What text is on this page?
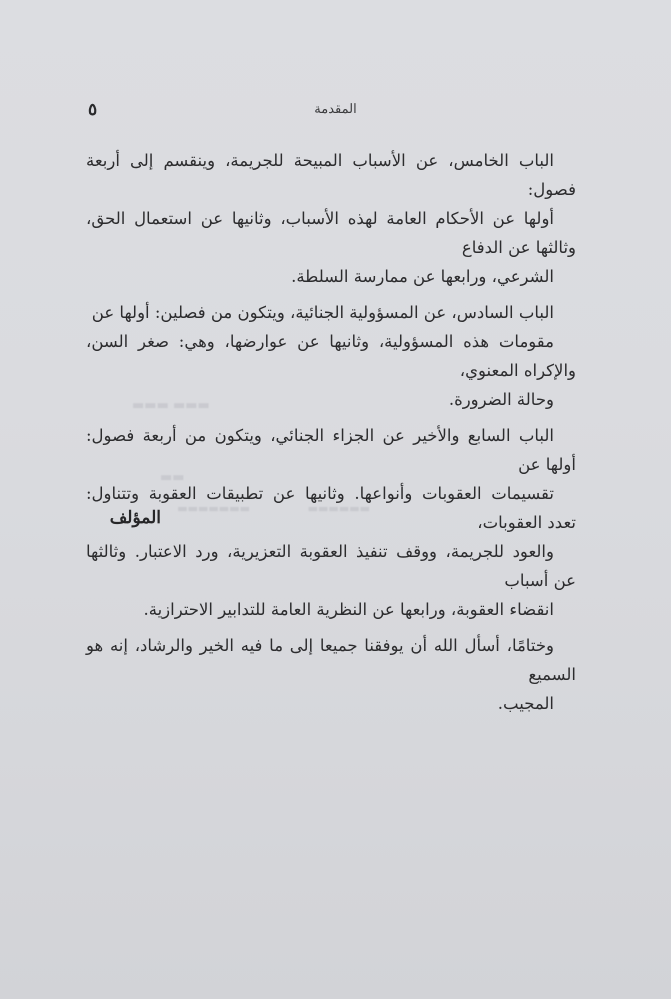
▬▬▬ ▬▬▬
▬▬
▬▬▬▬▬▬▬	▬▬▬▬▬▬
المقدمة
٥

الباب الخامس، عن الأسباب المبيحة للجريمة، وينقسم إلى أربعة فصول:
أولها عن الأحكام العامة لهذه الأسباب، وثانيها عن استعمال الحق، وثالثها عن الدفاع
الشرعي، ورابعها عن ممارسة السلطة.

الباب السادس، عن المسؤولية الجنائية، ويتكون من فصلين: أولها عن
مقومات هذه المسؤولية، وثانيها عن عوارضها، وهي: صغر السن، والإكراه المعنوي،
وحالة الضرورة.

الباب السابع والأخير عن الجزاء الجنائي، ويتكون من أربعة فصول: أولها عن
تقسيمات العقوبات وأنواعها. وثانيها عن تطبيقات العقوبة وتتناول: تعدد العقوبات،
والعود للجريمة، ووقف تنفيذ العقوبة التعزيرية، ورد الاعتبار. وثالثها عن أسباب
انقضاء العقوبة، ورابعها عن النظرية العامة للتدابير الاحترازية.

وختامًا، أسأل الله أن يوفقنا جميعا إلى ما فيه الخير والرشاد، إنه هو السميع
المجيب.

المؤلف
